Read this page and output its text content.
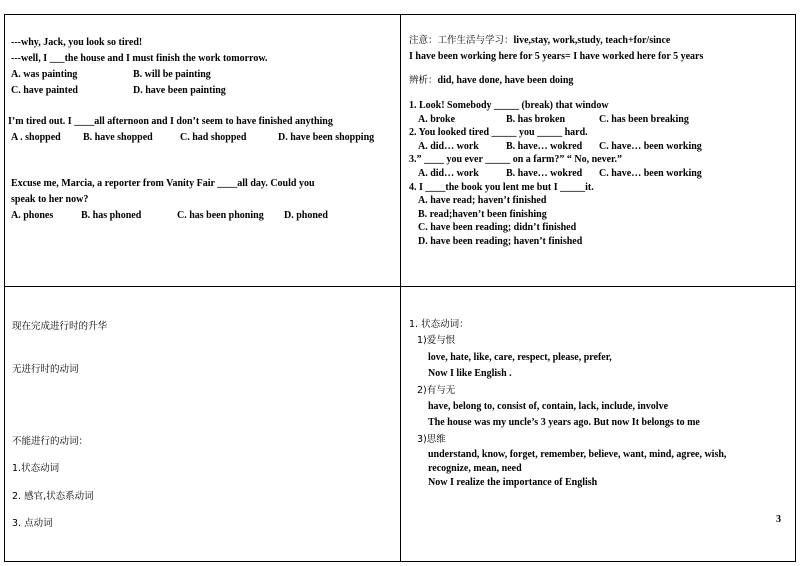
---why, Jack, you look so tired!
---well, I ___the house and I must finish the work tomorrow.
A. was painting	B. will be painting
C. have painted	D. have been painting
I’m tired out. I ____all afternoon and I don’t seem to have finished anything
A . shopped B. have shopped	C. had shopped	D. have been shopping
Excuse me, Marcia, a reporter from Vanity Fair ____all day. Could you
speak to her now?
A. phones	B. has phoned	C. has been phoning D. phoned
注意：工作生活与学习：live,stay, work,study, teach+for/since
I have been working here for 5 years= I have worked here for 5 years
辨析：did, have done, have been doing
1. Look! Somebody _____ (break) that window
A. broke	B. has broken	C. has been breaking
2. You looked tired _____ you _____ hard.
A. did… work	B. have… wokred C. have… been working
3.” ____ you ever _____ on a farm?” “ No, never.”
A. did… work	B. have… wokred C. have… been working
4. I ____the book you lent me but I _____it.
A. have read; haven’t finished
B. read;haven’t been finishing
C. have been reading; didn’t finished
D. have been reading; haven’t finished
现在完成进行时的升华
无进行时的动词
不能进行的动词：
1.状态动词
2. 感官,状态系动词
3. 点动词
1. 状态动词：
1)爱与恨
love, hate, like, care, respect, please, prefer,
Now I like English .
2)有与无
have, belong to, consist of, contain, lack, include, involve
The house was my uncle’s 3 years ago. But now It belongs to me
3)思维
understand, know, forget, remember, believe, want, mind, agree, wish,
recognize, mean, need
Now I realize the importance of English
3
